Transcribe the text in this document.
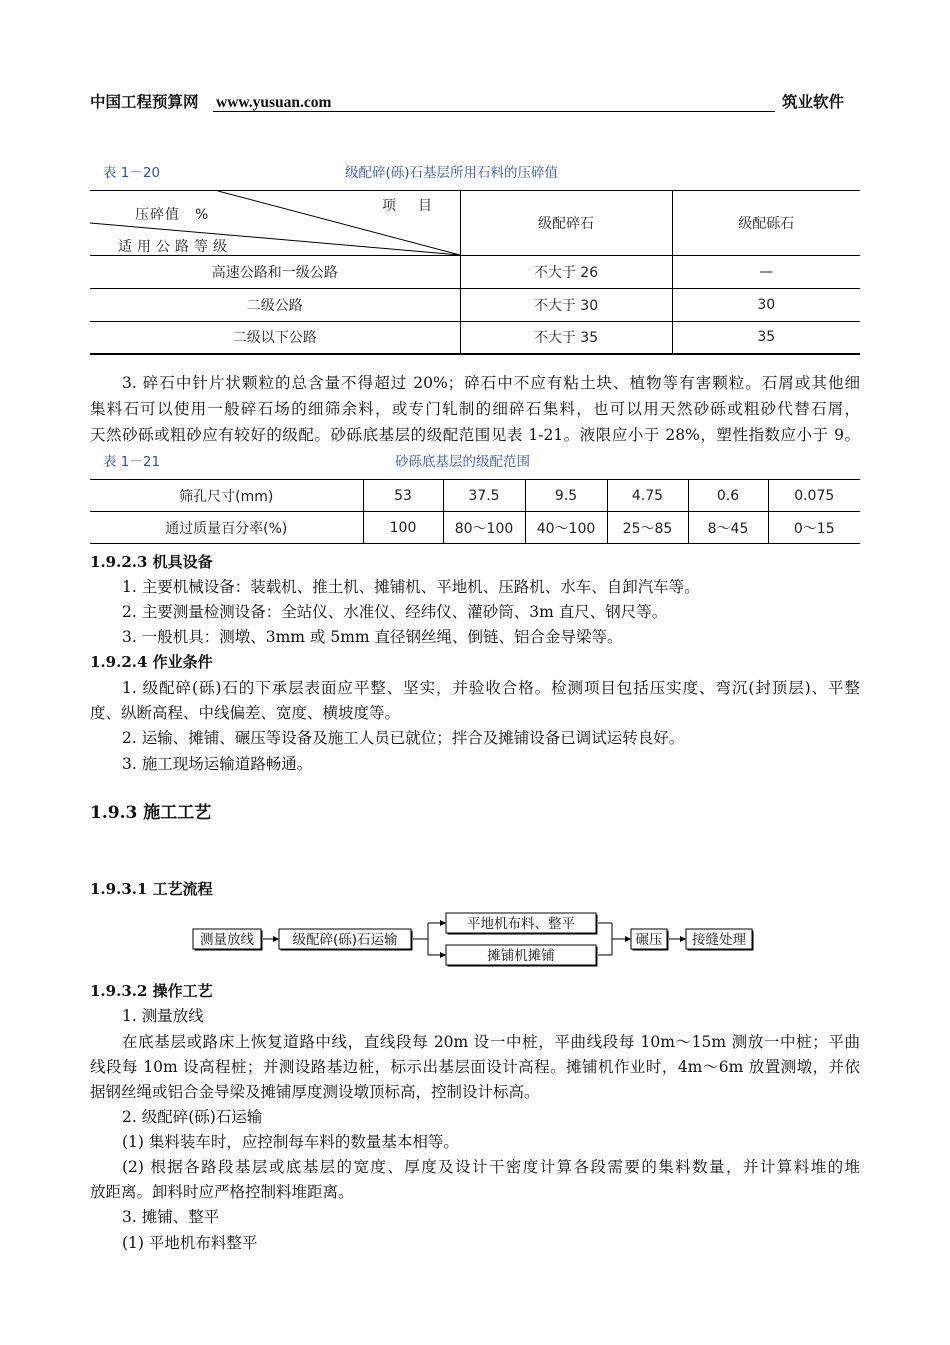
中国工程预算网 www.yusuan.com	筑业软件
表 1－20	级配碎(砾)石基层所用石料的压碎值
项　目
压碎值　%
适用公路等级	级配碎石	级配砾石
高速公路和一级公路	不大于 26	—
二级公路	不大于 30	30
二级以下公路	不大于 35	35
3. 碎石中针片状颗粒的总含量不得超过 20%；碎石中不应有粘土块、植物等有害颗粒。石屑或其他细
集料石可以使用一般碎石场的细筛余料，或专门轧制的细碎石集料，也可以用天然砂砾或粗砂代替石屑，
天然砂砾或粗砂应有较好的级配。砂砾底基层的级配范围见表 1-21。液限应小于 28%，塑性指数应小于 9。
表 1－21	砂砾底基层的级配范围
筛孔尺寸(mm)	53	37.5	9.5	4.75	0.6	0.075
通过质量百分率(%)	100	80～100	40～100	25～85	8～45	0～15
1.9.2.3 机具设备
1. 主要机械设备：装载机、推土机、摊铺机、平地机、压路机、水车、自卸汽车等。
2. 主要测量检测设备：全站仪、水准仪、经纬仪、灌砂筒、3m 直尺、钢尺等。
3. 一般机具：测墩、3mm 或 5mm 直径钢丝绳、倒链、铝合金导梁等。
1.9.2.4 作业条件
1. 级配碎(砾)石的下承层表面应平整、坚实，并验收合格。检测项目包括压实度、弯沉(封顶层)、平整
度、纵断高程、中线偏差、宽度、横坡度等。
2. 运输、摊铺、碾压等设备及施工人员已就位；拌合及摊铺设备已调试运转良好。
3. 施工现场运输道路畅通。
1.9.3 施工工艺
1.9.3.1 工艺流程
测量放线	级配碎(砾)石运输
平地机布料、整平
摊铺机摊铺
碾压 接缝处理
1.9.3.2 操作工艺
1. 测量放线
在底基层或路床上恢复道路中线，直线段每 20m 设一中桩，平曲线段每 10m～15m 测放一中桩；平曲
线段每 10m 设高程桩；并测设路基边桩，标示出基层面设计高程。摊铺机作业时，4m～6m 放置测墩，并依
据钢丝绳或铝合金导梁及摊铺厚度测设墩顶标高，控制设计标高。
2. 级配碎(砾)石运输
(1) 集料装车时，应控制每车料的数量基本相等。
(2) 根据各路段基层或底基层的宽度、厚度及设计干密度计算各段需要的集料数量，并计算料堆的堆
放距离。卸料时应严格控制料堆距离。
3. 摊铺、整平
(1) 平地机布料整平
